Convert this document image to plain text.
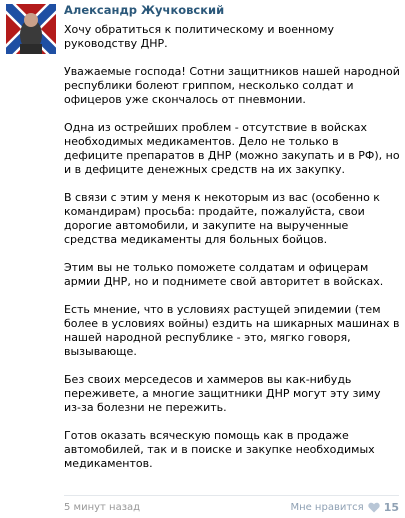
Александр Жучковский

Хочу обратиться к политическому и военному руководству ДНР.

Уважаемые господа! Сотни защитников нашей народной республики болеют гриппом, несколько солдат и офицеров уже скончалось от пневмонии.

Одна из острейших проблем - отсутствие в войсках необходимых медикаментов. Дело не только в дефиците препаратов в ДНР (можно закупать и в РФ), но и в дефиците денежных средств на их закупку.

В связи с этим у меня к некоторым из вас (особенно к командирам) просьба: продайте, пожалуйста, свои дорогие автомобили, и закупите на вырученные средства медикаменты для больных бойцов.

Этим вы не только поможете солдатам и офицерам армии ДНР, но и поднимете свой авторитет в войсках.

Есть мнение, что в условиях растущей эпидемии (тем более в условиях войны) ездить на шикарных машинах в нашей народной республике - это, мягко говоря, вызывающе.

Без своих мерседесов и хаммеров вы как-нибудь переживете, а многие защитники ДНР могут эту зиму из-за болезни не пережить.

Готов оказать всяческую помощь как в продаже автомобилей, так и в поиске и закупке необходимых медикаментов.

5 минут назад	Мне нравится 15
